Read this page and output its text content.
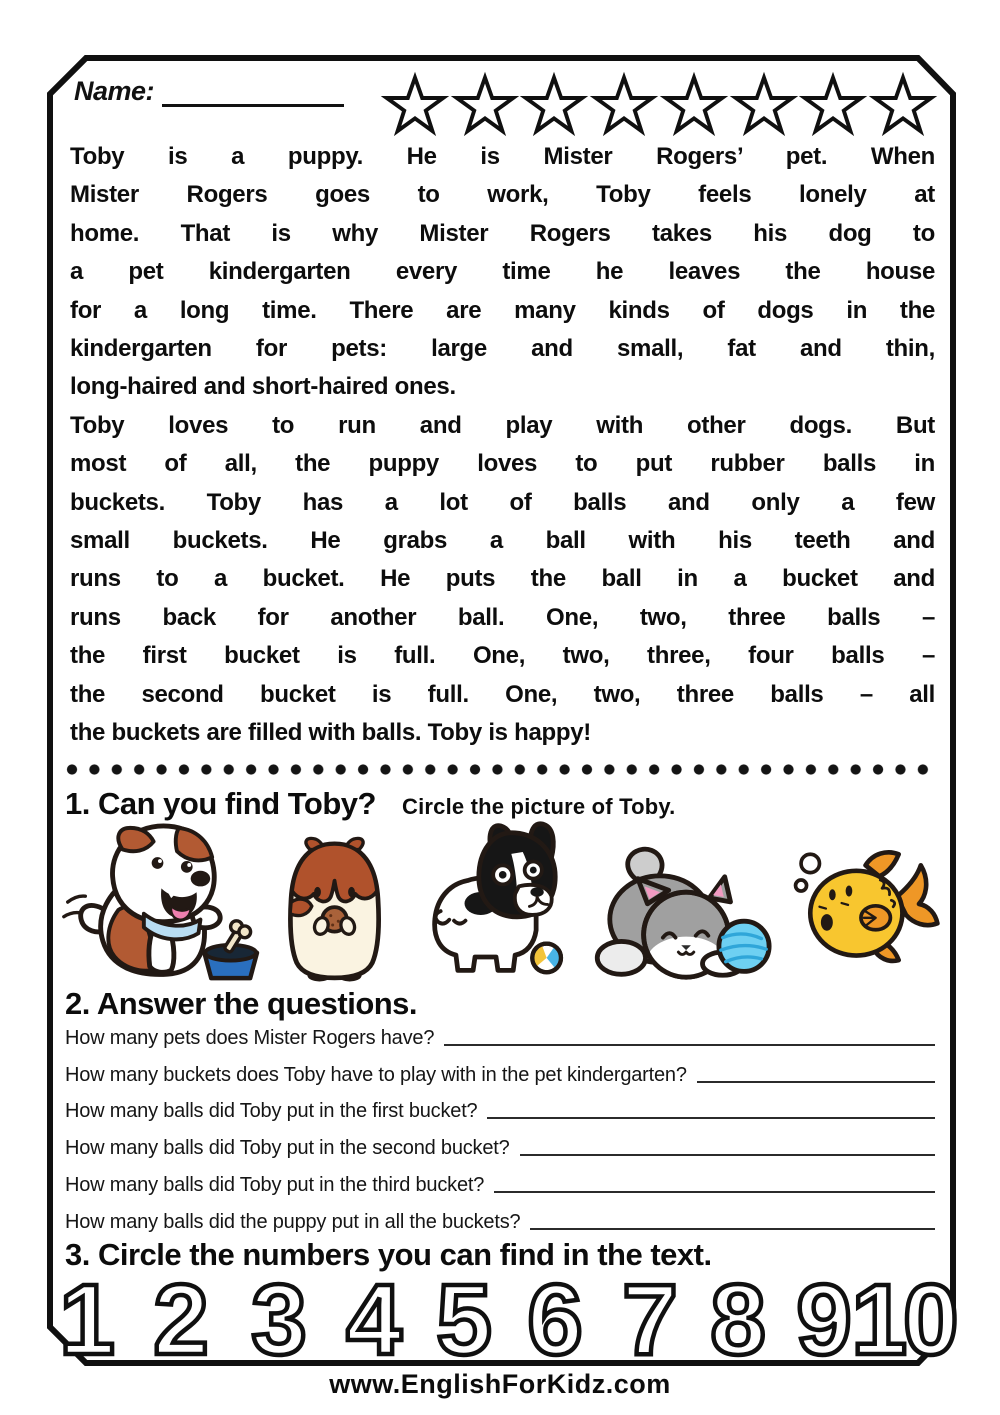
Name:
Toby is a puppy. He is Mister Rogers’ pet. When
Mister Rogers goes to work, Toby feels lonely at
home. That is why Mister Rogers takes his dog to
a pet kindergarten every time he leaves the house
for a long time. There are many kinds of dogs in the
kindergarten for pets: large and small, fat and thin,
long-haired and short-haired ones.
Toby loves to run and play with other dogs. But
most of all, the puppy loves to put rubber balls in
buckets. Toby has a lot of balls and only a few
small buckets. He grabs a ball with his teeth and
runs to a bucket. He puts the ball in a bucket and
runs back for another ball. One, two, three balls –
the first bucket is full. One, two, three, four balls –
the second bucket is full. One, two, three balls – all
the buckets are filled with balls. Toby is happy!
1. Can you find Toby? Circle the picture of Toby.
2. Answer the questions.
How many pets does Mister Rogers have?
How many buckets does Toby have to play with in the pet kindergarten?
How many balls did Toby put in the first bucket?
How many balls did Toby put in the second bucket?
How many balls did Toby put in the third bucket?
How many balls did the puppy put in all the buckets?
3. Circle the numbers you can find in the text.
1 2 3 4 5 6 7 8 9 10
www.EnglishForKidz.com
